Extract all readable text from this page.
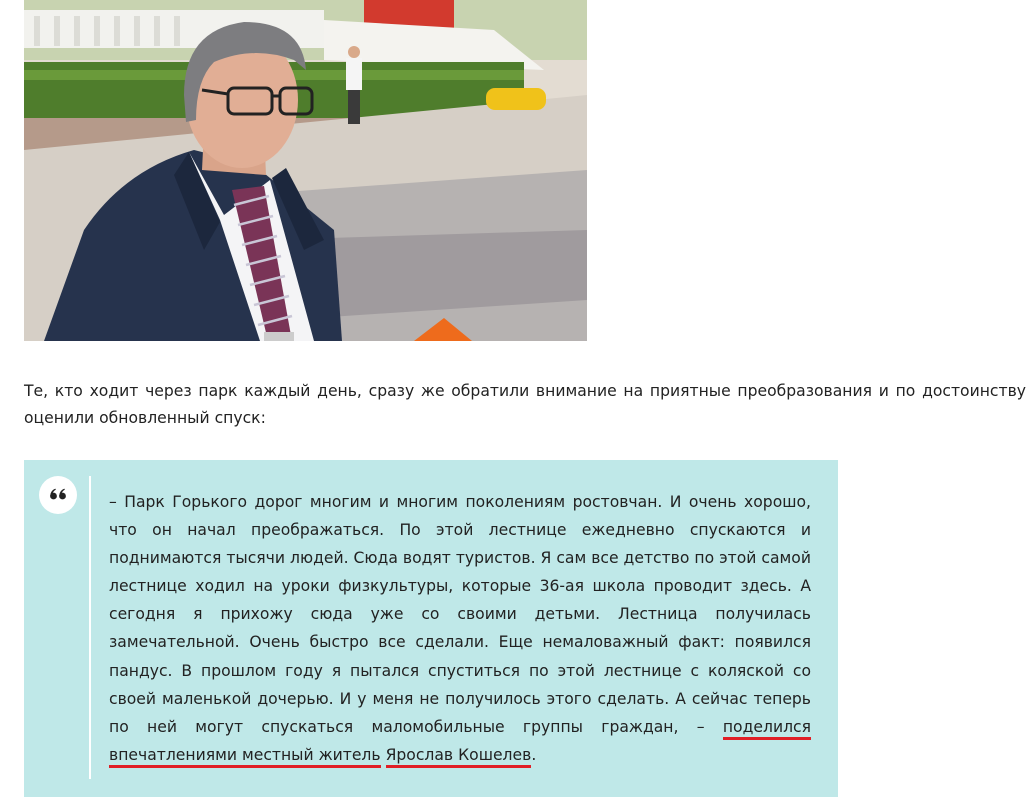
Те, кто ходит через парк каждый день, сразу же обратили внимание на приятные преобразования и по достоинству оценили обновленный спуск:

– Парк Горького дорог многим и многим поколениям ростовчан. И очень хорошо, что он начал преображаться. По этой лестнице ежедневно спускаются и поднимаются тысячи людей. Сюда водят туристов. Я сам все детство по этой самой лестнице ходил на уроки физкультуры, которые 36-ая школа проводит здесь. А сегодня я прихожу сюда уже со своими детьми. Лестница получилась замечательной. Очень быстро все сделали. Еще немаловажный факт: появился пандус. В прошлом году я пытался спуститься по этой лестнице с коляской со своей маленькой дочерью. И у меня не получилось этого сделать. А сейчас теперь по ней могут спускаться маломобильные группы граждан, – поделился впечатлениями местный житель Ярослав Кошелев.
